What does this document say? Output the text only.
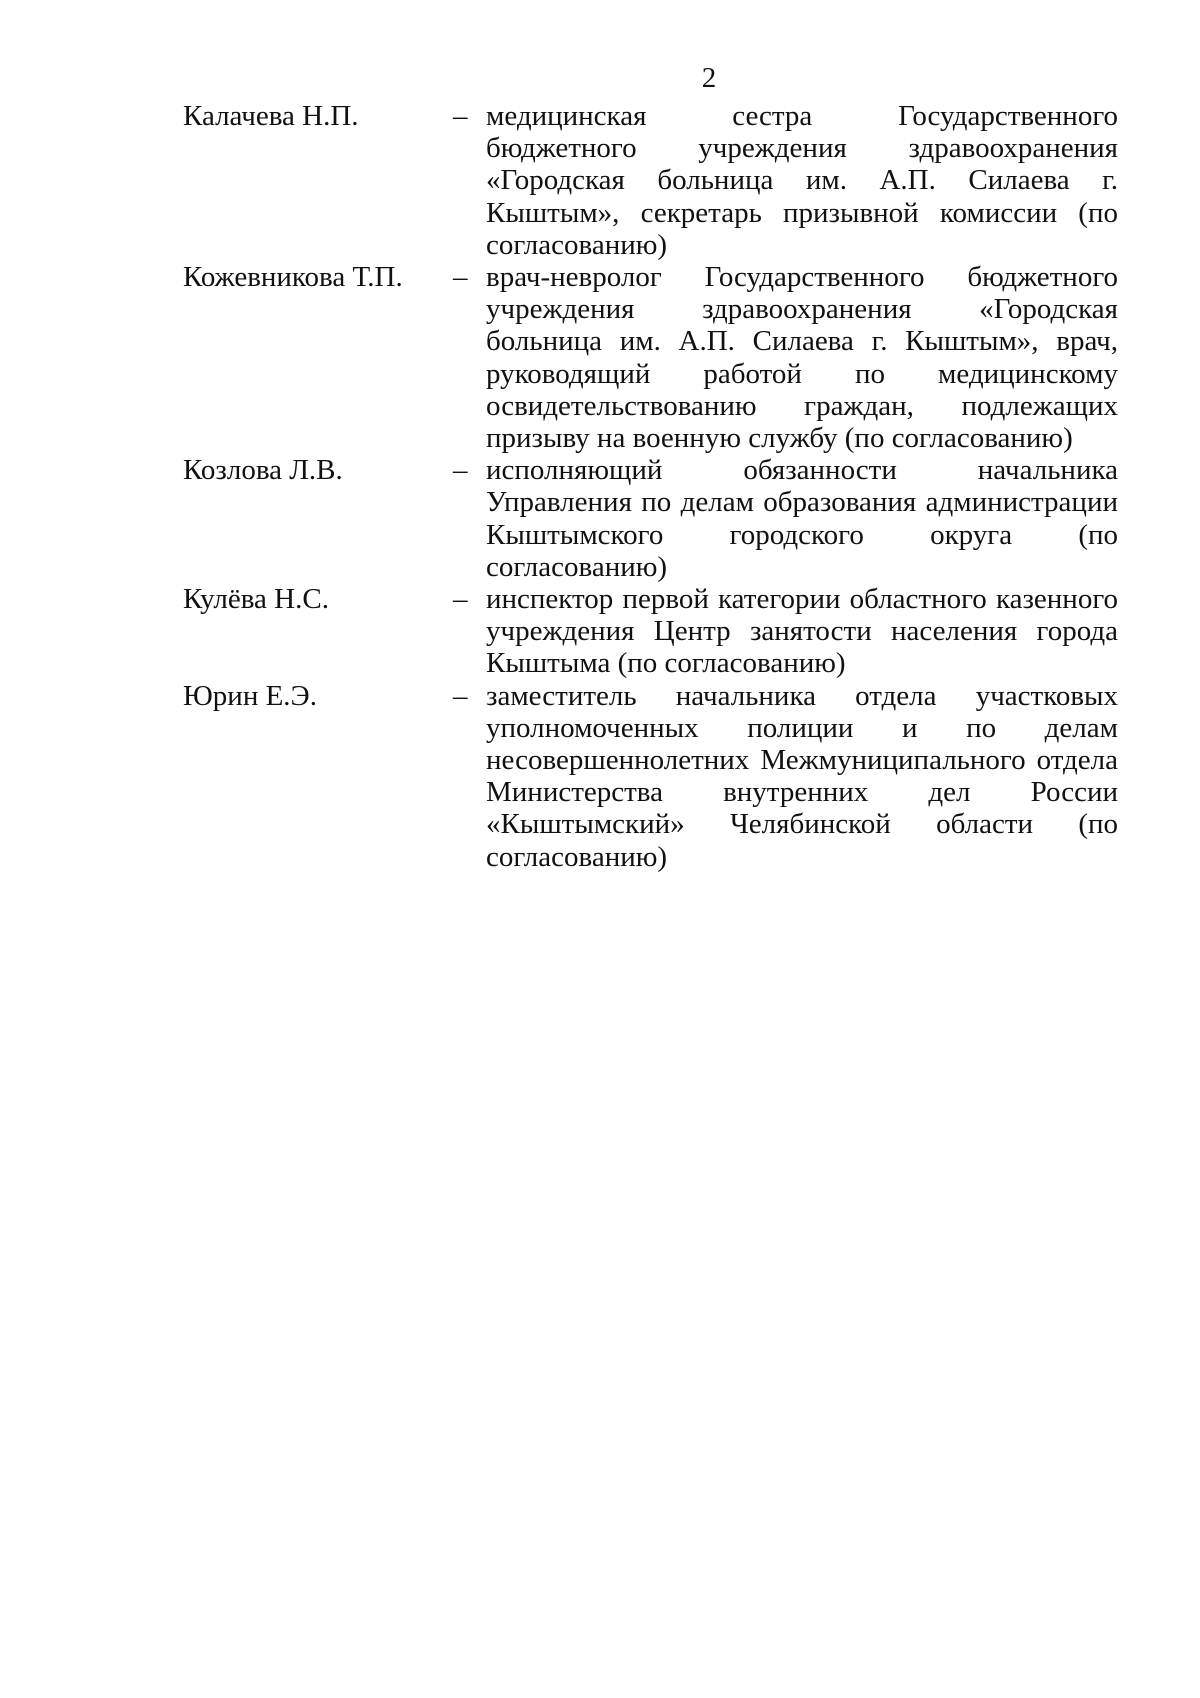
2
Калачева Н.П.	– медицинская сестра Государственного бюджетного учреждения здравоохранения «Городская больница им. А.П. Силаева г. Кыштым», секретарь призывной комиссии (по согласованию)
Кожевникова Т.П.	– врач-невролог Государственного бюджетного учреждения здравоохранения «Городская больница им. А.П. Силаева г. Кыштым», врач, руководящий работой по медицинскому освидетельствованию граждан, подлежащих призыву на военную службу (по согласованию)
Козлова Л.В.	– исполняющий обязанности начальника Управления по делам образования администрации Кыштымского городского округа (по согласованию)
Кулёва Н.С.	– инспектор первой категории областного казенного учреждения Центр занятости населения города Кыштыма (по согласованию)
Юрин Е.Э.	– заместитель начальника отдела участковых уполномоченных полиции и по делам несовершеннолетних Межмуниципального отдела Министерства внутренних дел России «Кыштымский» Челябинской области (по согласованию)
